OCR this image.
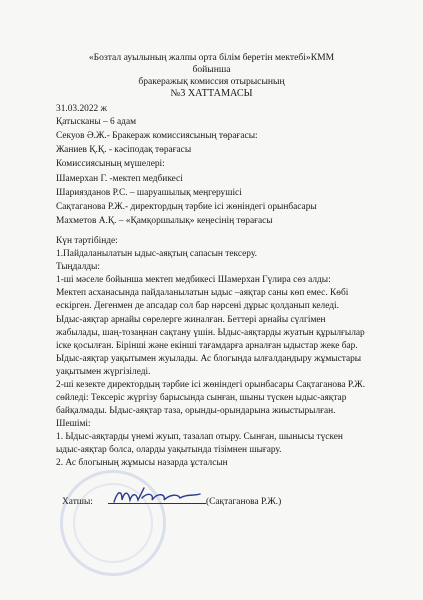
«Бозтал ауылының жалпы орта білім беретін мектебі»КММ
бойынша
бракеражық комиссия отырысының
№3 ХАТТАМАСЫ
31.03.2022 ж
Қатысканы – 6 адам
Секуов Ә.Ж.- Бракераж комиссиясының төрағасы:
Жаниев Қ.Қ. - кәсіподақ төрағасы
Комиссиясының мүшелері:
Шамерхан Г. -мектеп медбикесі
Шариязданов Р.С. – шаруашылық меңгерушісі
Сақтаганова Р.Ж.- директордың тәрбие ісі жөніндегі орынбасары
Махметов А.Қ. – «Қамқоршылық» кеңесінің төрағасы
Күн тәртібінде:
1.Пайдаланылатын ыдыс-аяқтың сапасын тексеру.
Тыңдалды:
1-ші мәселе бойынша мектеп медбикесі Шамерхан Гүлира сөз алды:
Мектеп асханасында пайдаланылатын ыдыс –аяқтар саны көп емес. Көбі
ескірген. Дегенмен де апсадар сол бар нәрсені дұрыс қолданып келеді.
Ыдыс-аяқтар арнайы сөрелерге жиналған. Беттері арнайы сүлгімен
жабылады, шаң-тозаңнан сақтану үшін. Ыдыс-аяқтарды жуатын құрылғылар
іске қосылған. Бірінші және екінші тағамдарға арналған ыдыстар жеке бар.
Ыдыс-аяқтар уақытымен жуылады. Ас блогында ылғалдандыру жұмыстары
уақытымен жүргізіледі.
2-ші кезекте директордың тәрбие ісі жөніндегі орынбасары Сақтаганова Р.Ж.
сөйледі: Тексеріс жүргізу барысында сынған, шыны түскен ыдыс-аяқтар
байқалмады. Ыдыс-аяқтар таза, орынды-орындарына жиыстырылған.
Шешімі:
1. Ыдыс-аяқтарды үнемі жуып, тазалап отыру. Сынған, шыныcы түскен
ыдыс-аяқтар болса, оларды уақытында тізімнен шығару.
2. Ас блогының жұмысы назарда ұсталсын
Хатшы:	(Сақтаганова Р.Ж.)
